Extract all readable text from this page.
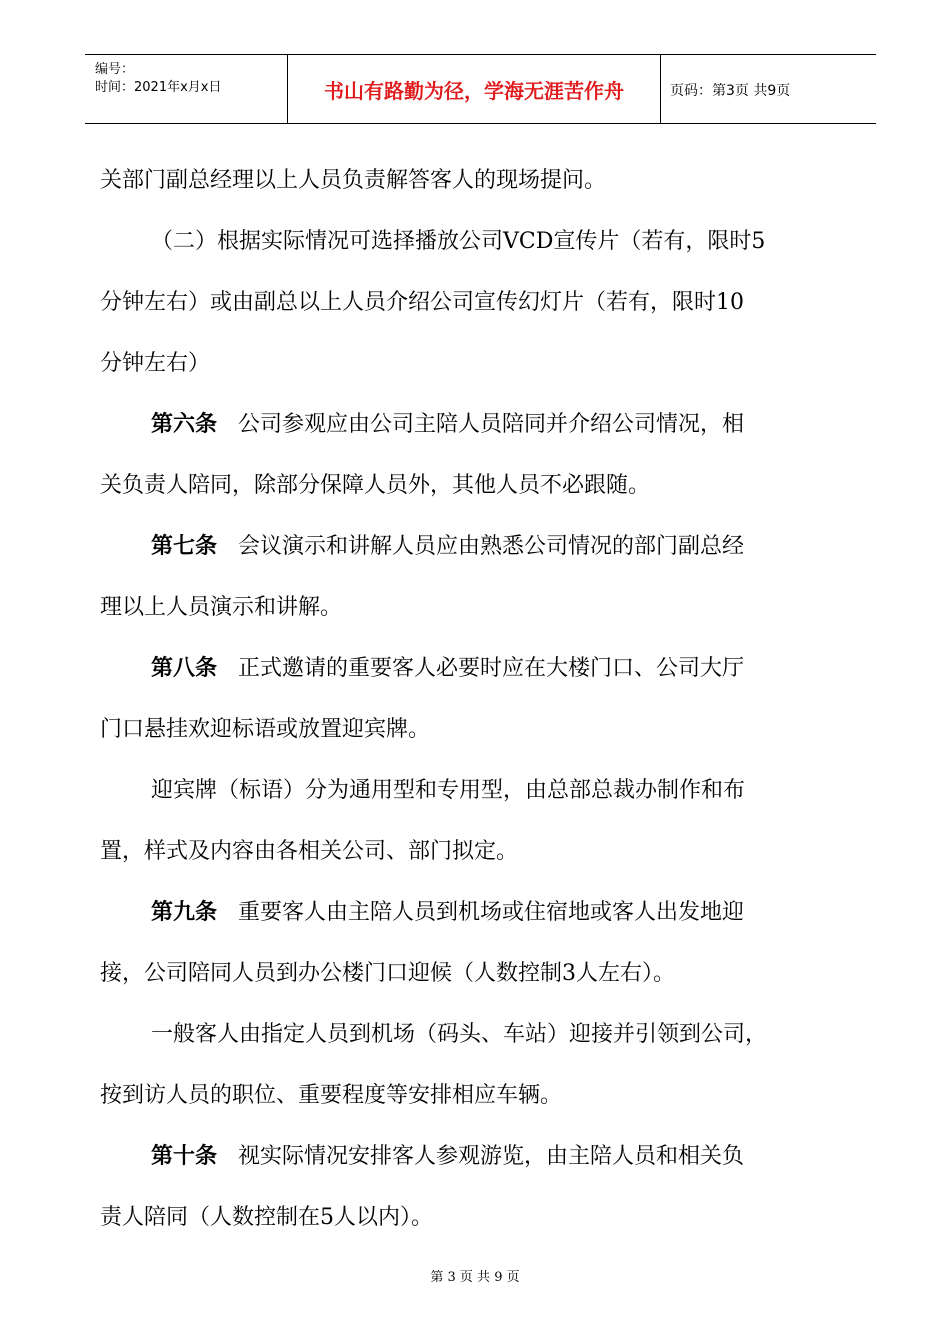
编号：
时间：2021年x月x日	书山有路勤为径，学海无涯苦作舟	页码：第3页 共9页

关部门副总经理以上人员负责解答客人的现场提问。

（二）根据实际情况可选择播放公司VCD宣传片（若有，限时5

分钟左右）或由副总以上人员介绍公司宣传幻灯片（若有，限时10

分钟左右）

第六条 公司参观应由公司主陪人员陪同并介绍公司情况，相

关负责人陪同，除部分保障人员外，其他人员不必跟随。

第七条 会议演示和讲解人员应由熟悉公司情况的部门副总经

理以上人员演示和讲解。

第八条 正式邀请的重要客人必要时应在大楼门口、公司大厅

门口悬挂欢迎标语或放置迎宾牌。

迎宾牌（标语）分为通用型和专用型，由总部总裁办制作和布

置，样式及内容由各相关公司、部门拟定。

第九条 重要客人由主陪人员到机场或住宿地或客人出发地迎

接，公司陪同人员到办公楼门口迎候（人数控制3人左右）。

一般客人由指定人员到机场（码头、车站）迎接并引领到公司，

按到访人员的职位、重要程度等安排相应车辆。

第十条 视实际情况安排客人参观游览，由主陪人员和相关负

责人陪同（人数控制在5人以内）。

第 3 页 共 9 页
